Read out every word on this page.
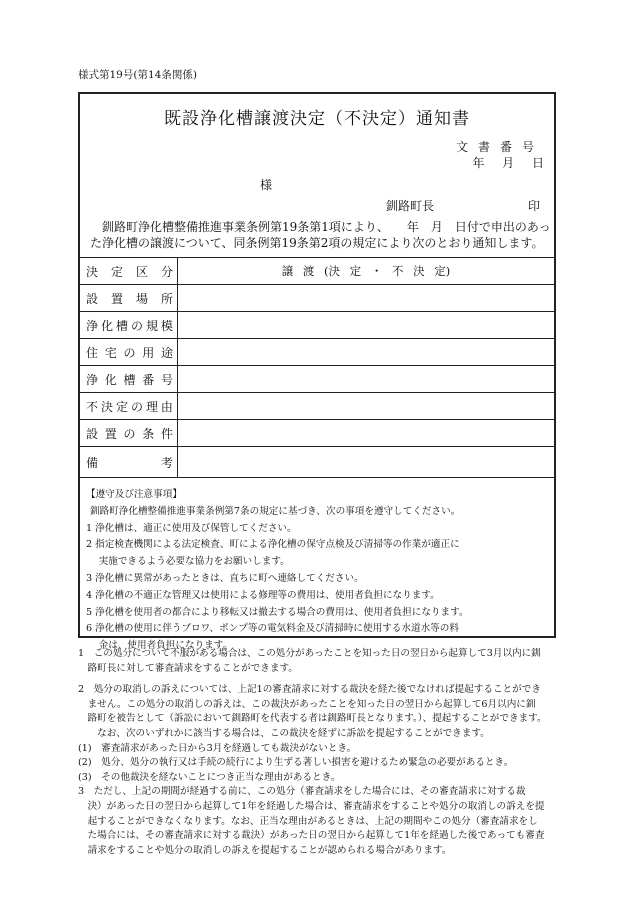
様式第19号(第14条関係)
既設浄化槽譲渡決定（不決定）通知書
文書番号
年 月 日
様
釧路町長	印
釧路町浄化槽整備推進事業条例第19条第1項により、　　年　月　日付で申出のあった浄化槽の譲渡について、同条例第19条第2項の規定により次のとおり通知します。
決 定 区 分	譲 渡 (決 定 ・ 不 決 定)
設 置 場 所
浄 化 槽 の 規 模
住 宅 の 用 途
浄 化 槽 番 号
不 決 定 の 理 由
設 置 の 条 件
備	考
【遵守及び注意事項】
釧路町浄化槽整備推進事業条例第7条の規定に基づき、次の事項を遵守してください。
1 浄化槽は、適正に使用及び保管してください。
2 指定検査機関による法定検査、町による浄化槽の保守点検及び清掃等の作業が適正に
　 実施できるよう必要な協力をお願いします。
3 浄化槽に異常があったときは、直ちに町へ連絡してください。
4 浄化槽の不適正な管理又は使用による修理等の費用は、使用者負担になります。
5 浄化槽を使用者の都合により移転又は撤去する場合の費用は、使用者負担になります。
6 浄化槽の使用に伴うブロワ、ポンプ等の電気料金及び清掃時に使用する水道水等の料
　 金は、使用者負担になります。
1　この処分について不服がある場合は、この処分があったことを知った日の翌日から起算して3月以内に釧
　路町長に対して審査請求をすることができます。
2　処分の取消しの訴えについては、上記1の審査請求に対する裁決を経た後でなければ提起することができ
　ません。この処分の取消しの訴えは、この裁決があったことを知った日の翌日から起算して6月以内に釧
　路町を被告として（訴訟において釧路町を代表する者は釧路町長となります。）、提起することができます。
　　なお、次のいずれかに該当する場合は、この裁決を経ずに訴訟を提起することができます。
(1)　審査請求があった日から3月を経過しても裁決がないとき。
(2)　処分、処分の執行又は手続の続行により生ずる著しい損害を避けるため緊急の必要があるとき。
(3)　その他裁決を経ないことにつき正当な理由があるとき。
3　ただし、上記の期間が経過する前に、この処分（審査請求をした場合には、その審査請求に対する裁
　決）があった日の翌日から起算して1年を経過した場合は、審査請求をすることや処分の取消しの訴えを提
　起することができなくなります。なお、正当な理由があるときは、上記の期間やこの処分（審査請求をし
　た場合には、その審査請求に対する裁決）があった日の翌日から起算して1年を経過した後であっても審査
　請求をすることや処分の取消しの訴えを提起することが認められる場合があります。
